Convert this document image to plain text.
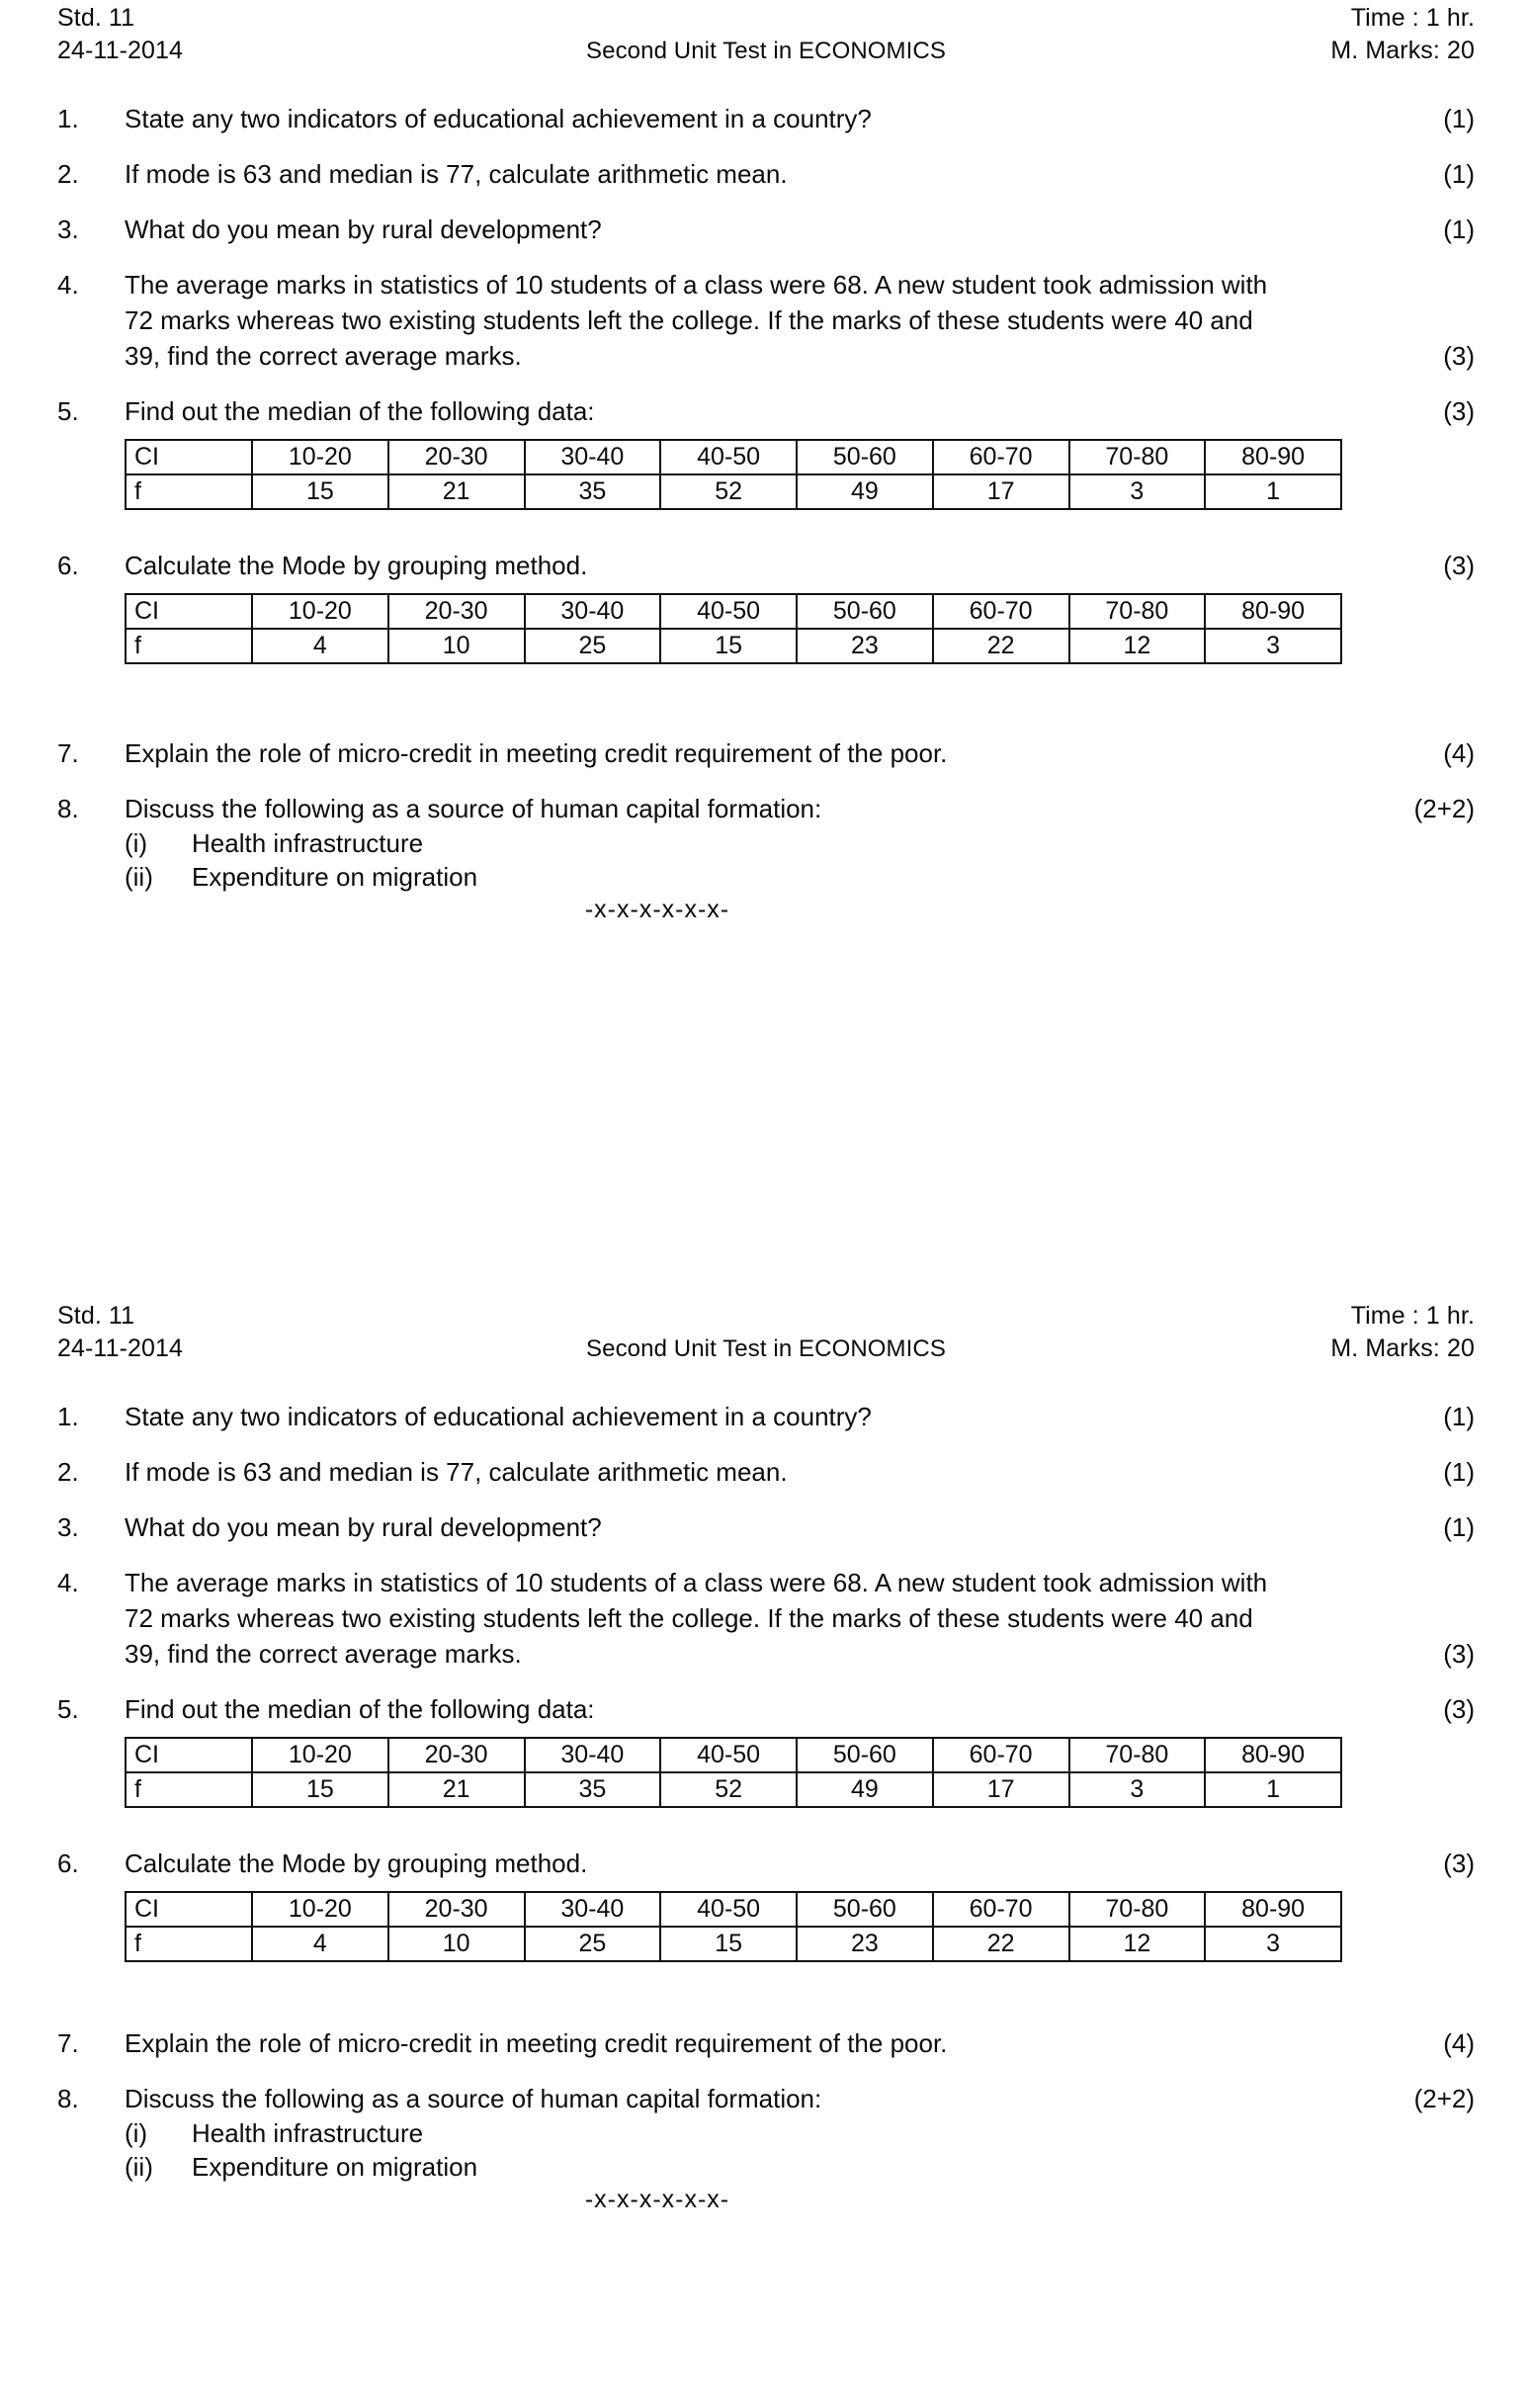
Std. 11	Time : 1 hr.
24-11-2014	Second Unit Test in ECONOMICS	M. Marks: 20
1.	State any two indicators of educational achievement in a country?	(1)
2.	If mode is 63 and median is 77, calculate arithmetic mean.	(1)
3.	What do you mean by rural development?	(1)
4.	The average marks in statistics of 10 students of a class were 68. A new student took admission with 72 marks whereas two existing students left the college. If the marks of these students were 40 and 39, find the correct average marks.	(3)
5.	Find out the median of the following data:	(3)
CI	10-20	20-30	30-40	40-50	50-60	60-70	70-80	80-90
f	15	21	35	52	49	17	3	1
6.	Calculate the Mode by grouping method.	(3)
CI	10-20	20-30	30-40	40-50	50-60	60-70	70-80	80-90
f	4	10	25	15	23	22	12	3
7.	Explain the role of micro-credit in meeting credit requirement of the poor.	(4)
8.	Discuss the following as a source of human capital formation:
(i)	Health infrastructure
(ii)	Expenditure on migration
(2+2)
-x-x-x-x-x-x-
Std. 11	Time : 1 hr.
24-11-2014	Second Unit Test in ECONOMICS	M. Marks: 20
1.	State any two indicators of educational achievement in a country?	(1)
2.	If mode is 63 and median is 77, calculate arithmetic mean.	(1)
3.	What do you mean by rural development?	(1)
4.	The average marks in statistics of 10 students of a class were 68. A new student took admission with 72 marks whereas two existing students left the college. If the marks of these students were 40 and 39, find the correct average marks.	(3)
5.	Find out the median of the following data:	(3)
CI	10-20	20-30	30-40	40-50	50-60	60-70	70-80	80-90
f	15	21	35	52	49	17	3	1
6.	Calculate the Mode by grouping method.	(3)
CI	10-20	20-30	30-40	40-50	50-60	60-70	70-80	80-90
f	4	10	25	15	23	22	12	3
7.	Explain the role of micro-credit in meeting credit requirement of the poor.	(4)
8.	Discuss the following as a source of human capital formation:
(i)	Health infrastructure
(ii)	Expenditure on migration
(2+2)
-x-x-x-x-x-x-
